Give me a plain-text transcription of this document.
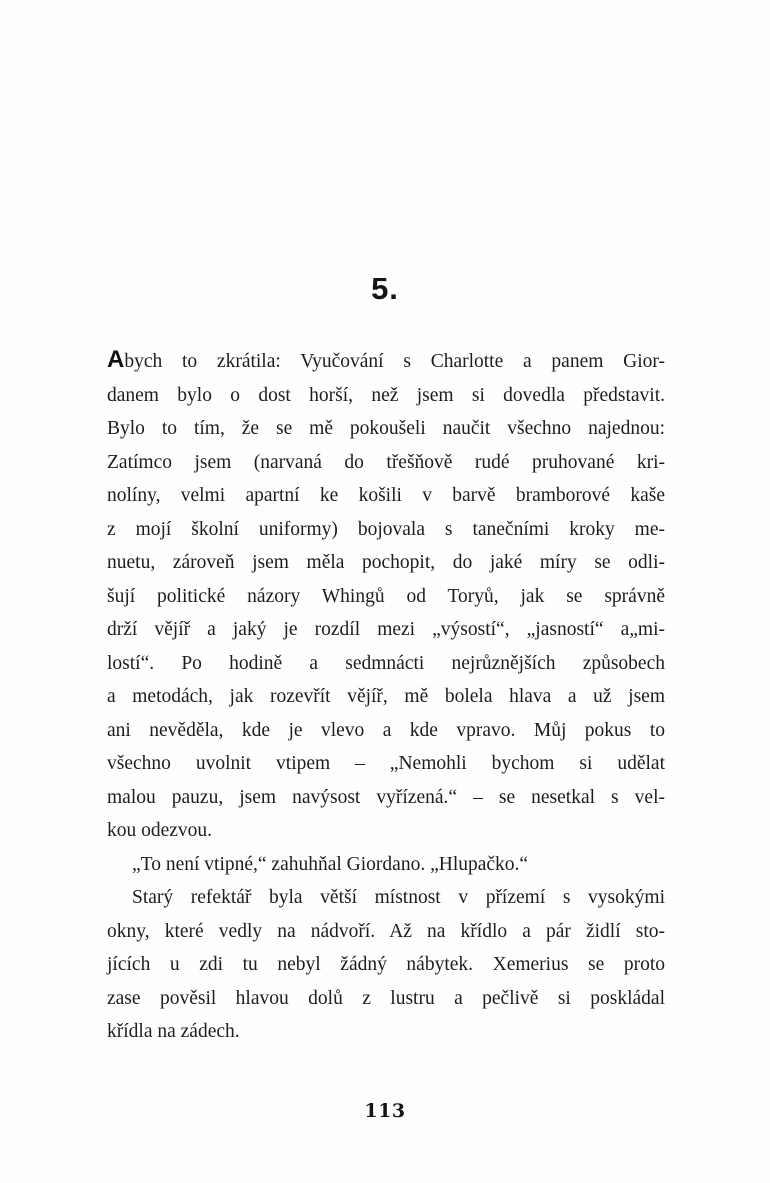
5.
Abych to zkrátila: Vyučování s Charlotte a panem Gior-
danem bylo o dost horší, než jsem si dovedla představit.
Bylo to tím, že se mě pokoušeli naučit všechno najednou:
Zatímco jsem (narvaná do třešňově rudé pruhované kri-
nolíny, velmi apartní ke košili v barvě bramborové kaše
z mojí školní uniformy) bojovala s tanečními kroky me-
nuetu, zároveň jsem měla pochopit, do jaké míry se odli-
šují politické názory Whingů od Toryů, jak se správně
drží vějíř a jaký je rozdíl mezi „výsostí“, „jasností“ a„mi-
lostí“. Po hodině a sedmnácti nejrůznějších způsobech
a metodách, jak rozevřít vějíř, mě bolela hlava a už jsem
ani nevěděla, kde je vlevo a kde vpravo. Můj pokus to
všechno uvolnit vtipem – „Nemohli bychom si udělat
malou pauzu, jsem navýsost vyřízená.“ – se nesetkal s vel-
kou odezvou.
„To není vtipné,“ zahuhňal Giordano. „Hlupačko.“
Starý refektář byla větší místnost v přízemí s vysokými
okny, které vedly na nádvoří. Až na křídlo a pár židlí sto-
jících u zdi tu nebyl žádný nábytek. Xemerius se proto
zase pověsil hlavou dolů z lustru a pečlivě si poskládal
křídla na zádech.
113
